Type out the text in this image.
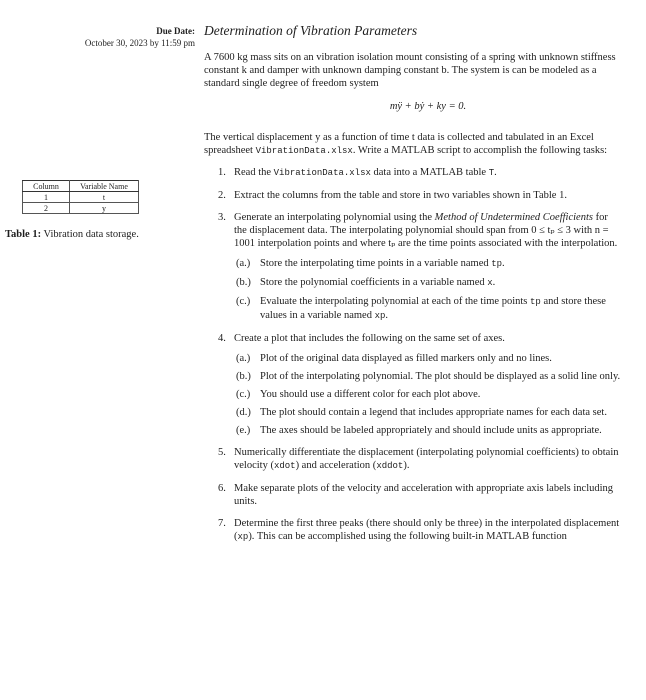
Due Date:
October 30, 2023 by 11:59 pm
Column	Variable Name
1	t
2	y
Table 1: Vibration data storage.
Determination of Vibration Parameters

A 7600 kg mass sits on an vibration isolation mount consisting of a spring with unknown stiffness constant k and damper with unknown damping constant b. The system is can be modeled as a standard single degree of freedom system

mÿ + bẏ + ky = 0.

The vertical displacement y as a function of time t data is collected and tabulated in an Excel spreadsheet VibrationData.xlsx. Write a MATLAB script to accomplish the following tasks:

1. Read the VibrationData.xlsx data into a MATLAB table T.
2. Extract the columns from the table and store in two variables shown in Table 1.
3. Generate an interpolating polynomial using the Method of Undetermined Coefficients for the displacement data. The interpolating polynomial should span from 0 ≤ tₚ ≤ 3 with n = 1001 interpolation points and where tₚ are the time points associated with the interpolation.
(a.) Store the interpolating time points in a variable named tp.
(b.) Store the polynomial coefficients in a variable named x.
(c.) Evaluate the interpolating polynomial at each of the time points tp and store these values in a variable named xp.
4. Create a plot that includes the following on the same set of axes.
(a.) Plot of the original data displayed as filled markers only and no lines.
(b.) Plot of the interpolating polynomial. The plot should be displayed as a solid line only.
(c.) You should use a different color for each plot above.
(d.) The plot should contain a legend that includes appropriate names for each data set.
(e.) The axes should be labeled appropriately and should include units as appropriate.
5. Numerically differentiate the displacement (interpolating polynomial coefficients) to obtain velocity (xdot) and acceleration (xddot).
6. Make separate plots of the velocity and acceleration with appropriate axis labels including units.
7. Determine the first three peaks (there should only be three) in the interpolated displacement (xp). This can be accomplished using the following built-in MATLAB function
